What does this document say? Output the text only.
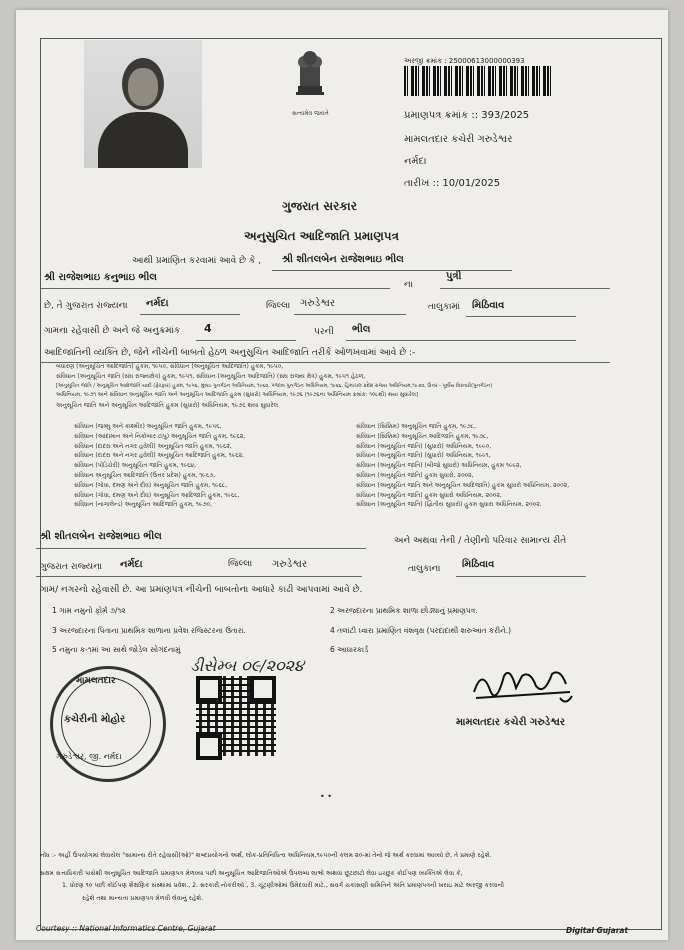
સત્યમેવ જયતે
અરજી ક્રમાંક : 25000613000000393
પ્રમાણપત્ર ક્રમાંક :: 393/2025
મામલતદાર કચેરી ગરુડેશ્વર
નર્મદા
તારીખ :: 10/01/2025
ગુજરાત સરકાર
અનુસુચિત આદિજાતિ પ્રમાણપત્ર
આથી પ્રમાણિત કરવામાં આવે છે કે , શ્રી શીતલબેન રાજેશભાઇ ભીલ
શ્રી રાજેશભાઇ કનુભાઇ ભીલ
ના
પુત્રી
છે, તે ગુજરાત રાજ્યના નર્મદા	જિલ્લા ગરુડેશ્વર	તાલુકામાં મિઠિવાવ
ગામના રહેવાસી છે અને જે અનુક્રમાંક 4	પરની ભીલ
આદિજાતિની વ્યક્તિ છે, જેને નીચેની બાબતો હેઠળ અનુસુચિત આદિજાતિ તરીકે ઓળખવામાં આવે છે :-
બંધારણ (અનુસૂચિત આદિજાતિ) હુકમ, ૧૯૫૦, સંવિધાન (અનુસૂચિત આદિજાતિ) હુકમ, ૧૯૫૦,
સંવિધાન (અનુસૂચિત જાતિ (સંઘ રાજ્યક્ષેત્ર) હુકમ, ૧૯૫૧, સંવિધાન (અનુસૂચિત આદિજાતિ) (સંઘ રાજ્ય ક્ષેત્ર) હુકમ, ૧૯૫૧ હેઠળ,
[અનુસૂચિત જાતિ / અનુસૂચિત આદિજાતિ યાદી (ફેરફાર) હુકમ, ૧૯૫૬, મુંબઇ પુનર્ગઠન અધિનિયમ, ૧૯૬૦, પંજાબ પુનર્ગઠન અધિનિયમ, ૧૯૬૬, હિમાચલ પ્રદેશ રાજ્ય અધિનિયમ,૧૯૭૦, ઉત્તર - પૂર્વીય વિસ્તારો(પુનર્ગઠન)
અધિનિયમ, ૧૯૭૧ અને સંવિધાન અનુસૂચિત જાતિ અને અનુસૂચિત આદિજાતિ હુકમ (સુધારો) અધિનિયમ, ૧૯૭૬ (૧૯૭૬ના અધિનિયમ ક્રમાંક: ૧૦૮થી) થયા સુધારેલ]
અનુસૂચિત જાતિ અને અનુસૂચિત આદિજાતિ હુકમ (સુધારો) અધિનિયમ, ૧૯૭૬ થયા સુધારેલ
સંવિધાન (જમ્મુ અને કાશ્મીર) અનુસૂચિત જાતિ હુકમ, ૧૯૫૬,
સંવિધાન (આંદામાન અને નિકોબાર ટાપુ) અનુસૂચિત જાતિ હુકમ, ૧૯૬૨,
સંવિધાન (દાદરા અને નગર હવેલી) અનુસૂચિત જાતિ હુકમ, ૧૯૬૨,
સંવિધાન (દાદરા અને નગર હવેલી) અનુસૂચિત આદિજાતિ હુકમ, ૧૯૬૨,
સંવિધાન (પોંડિચેરી) અનુસૂચિત જાતિ હુકમ, ૧૯૬૪,
સંવિધાન અનુસૂચિત આદિજાતિ (ઉત્તર પ્રદેશ) હુકમ, ૧૯૬૭,
સંવિધાન (ગોવા, દમણ અને દીવ) અનુસૂચિત જાતિ હુકમ, ૧૯૬૮,
સંવિધાન (ગોવા, દમણ અને દીવ) અનુસૂચિત આદિજાતિ હુકમ, ૧૯૬૮,
સંવિધાન (નાગાલેન્ડ) અનુસૂચિત આદિજાતિ હુકમ, ૧૯૭૦,
સંવિધાન (સિક્કિમ) અનુસૂચિત જાતિ હુકમ, ૧૯૭૮,
સંવિધાન (સિક્કિમ) અનુસૂચિત આદિજાતિ હુકમ, ૧૯૭૮,
સંવિધાન (અનુસૂચિત જાતિ) (સુધારો) અધિનિયમ, ૧૯૯૦,
સંવિધાન (અનુસૂચિત જાતિ) (સુધારો) અધિનિયમ, ૧૯૯૧,
સંવિધાન (અનુસૂચિત જાતિ) (બીજો સુધારો) અધિનિયમ, હુકમ ૧૯૯૨,
સંવિધાન (અનુસૂચિત જાતિ) હુકમ સુધારો, ૨૦૦૨,
સંવિધાન (અનુસૂચિત જાતિ અને અનુસૂચિત આદિજાતિ) હુકમ સુધારો અધિનિયમ, ૨૦૦૨,
સંવિધાન (અનુસૂચિત જાતિ) હુકમ સુધારો અધિનિયમ, ૨૦૦૨,
સંવિધાન (અનુસૂચિત જાતિ) (દ્વિતીય સુધારો) હુકમ સુધારા અધિનિયમ, ૨૦૦૨.
શ્રી શીતલબેન રાજેશભાઇ ભીલ	અને અથવા તેની / તેણીનો પરિવાર સામાન્ય રીતે
ગુજરાત રાજ્યના નર્મદા	જિલ્લા ગરુડેશ્વર	તાલુકાના મિઠિવાવ
ગામ/ નગરનો રહેવાસી છે. આ પ્રમાણપત્ર નીચેની બાબતોના આધારે કાઢી આપવામાં આવે છે.
1 ગામ નમુનો ફોર્મ ૭/૧૨	2 અરજદારના પ્રાથમિક શાળા છોડ્યાનું પ્રમાણપત્ર.
3 અરજદારના પિતાના પ્રાથમિક શાળાના પ્રવેશ રજિસ્ટરના ઉતારા.	4 તલાટી ધ્વારા પ્રમાણિત વંશવૃક્ષ (પરદાદાથી શરુઆત કરીને.)
5 નમુના ક-૧માં આ સાથે જોડેલ સોગંદનામું	6 આધારકાર્ડ
ડીસેમ્બ ૦૯/૨૦૨૪
મામલતદાર
કચેરીની મોહોર
ગરુડેશ્વર, જી. નર્મદા
મામલતદાર કચેરી ગરુડેશ્વર
• •
નોંધ :- અહીં ઉપયોગમાં લેવાયેલ "સામાન્ય રીતે રહેવાસી(ઓ)" શબ્દપ્રયોગનો અર્થ, લોક-પ્રતિનિધિત્વ અધિનિયમ,૧૯૫૦ની કલમ ૨૦-માં તેનો જે અર્થ કરવામાં આવ્યો છે, તે પ્રમાણે રહેશે.
સક્ષમ સત્તાધિકારી પાસેથી અનુસૂચિત આદિજાતિ પ્રમાણપત્ર મેળવ્યા પછી અનુસૂચિત આદિજાતિઓએ ઉપલબ્ધ લાભો અથવા છૂટછાટો લેવા ઇચ્છુક કોઈપણ વ્યક્તિએ લેવા કે,
1. ધોરણ ૧૦ પછી કોઈપણ શૈક્ષણિક સંસ્થામાં પ્રવેશ., 2. સરકારી નોકરીઓ., 3. ચૂંટણીઓમાં ઉમેદવારી માટે., સંવર્ગ ચકાસણી સમિતિને અંતિ પ્રમાણપત્રની ખરાઇ માટે અરજી કરવાની
રહેશે તથા માન્યતા પ્રમાણપત્ર મેળવી લેવાનું રહેશે.
Courtesy :: National Informatics Centre, Gujarat	Digital Gujarat
